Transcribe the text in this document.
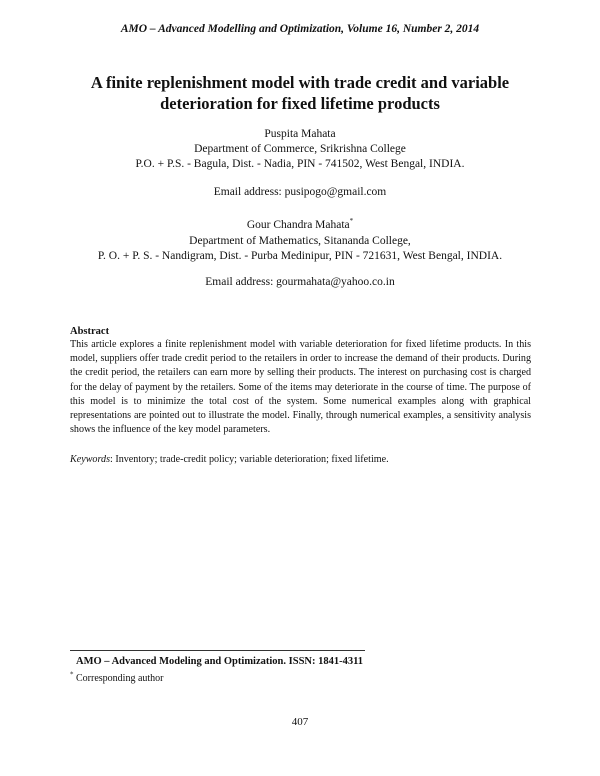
AMO – Advanced Modelling and Optimization, Volume 16, Number 2, 2014
A finite replenishment model with trade credit and variable
deterioration for fixed lifetime products
Puspita Mahata
Department of Commerce, Srikrishna College
P.O. + P.S. - Bagula, Dist. - Nadia, PIN - 741502, West Bengal, INDIA.
Email address: pusipogo@gmail.com
Gour Chandra Mahata*
Department of Mathematics, Sitananda College,
P. O. + P. S. - Nandigram, Dist. - Purba Medinipur, PIN - 721631, West Bengal, INDIA.
Email address: gourmahata@yahoo.co.in
Abstract
This article explores a finite replenishment model with variable deterioration for fixed lifetime products. In this model, suppliers offer trade credit period to the retailers in order to increase the demand of their products. During the credit period, the retailers can earn more by selling their products. The interest on purchasing cost is charged for the delay of payment by the retailers. Some of the items may deteriorate in the course of time. The purpose of this model is to minimize the total cost of the system. Some numerical examples along with graphical representations are pointed out to illustrate the model. Finally, through numerical examples, a sensitivity analysis shows the influence of the key model parameters.
Keywords: Inventory; trade-credit policy; variable deterioration; fixed lifetime.
AMO – Advanced Modeling and Optimization. ISSN: 1841-4311
* Corresponding author
407
